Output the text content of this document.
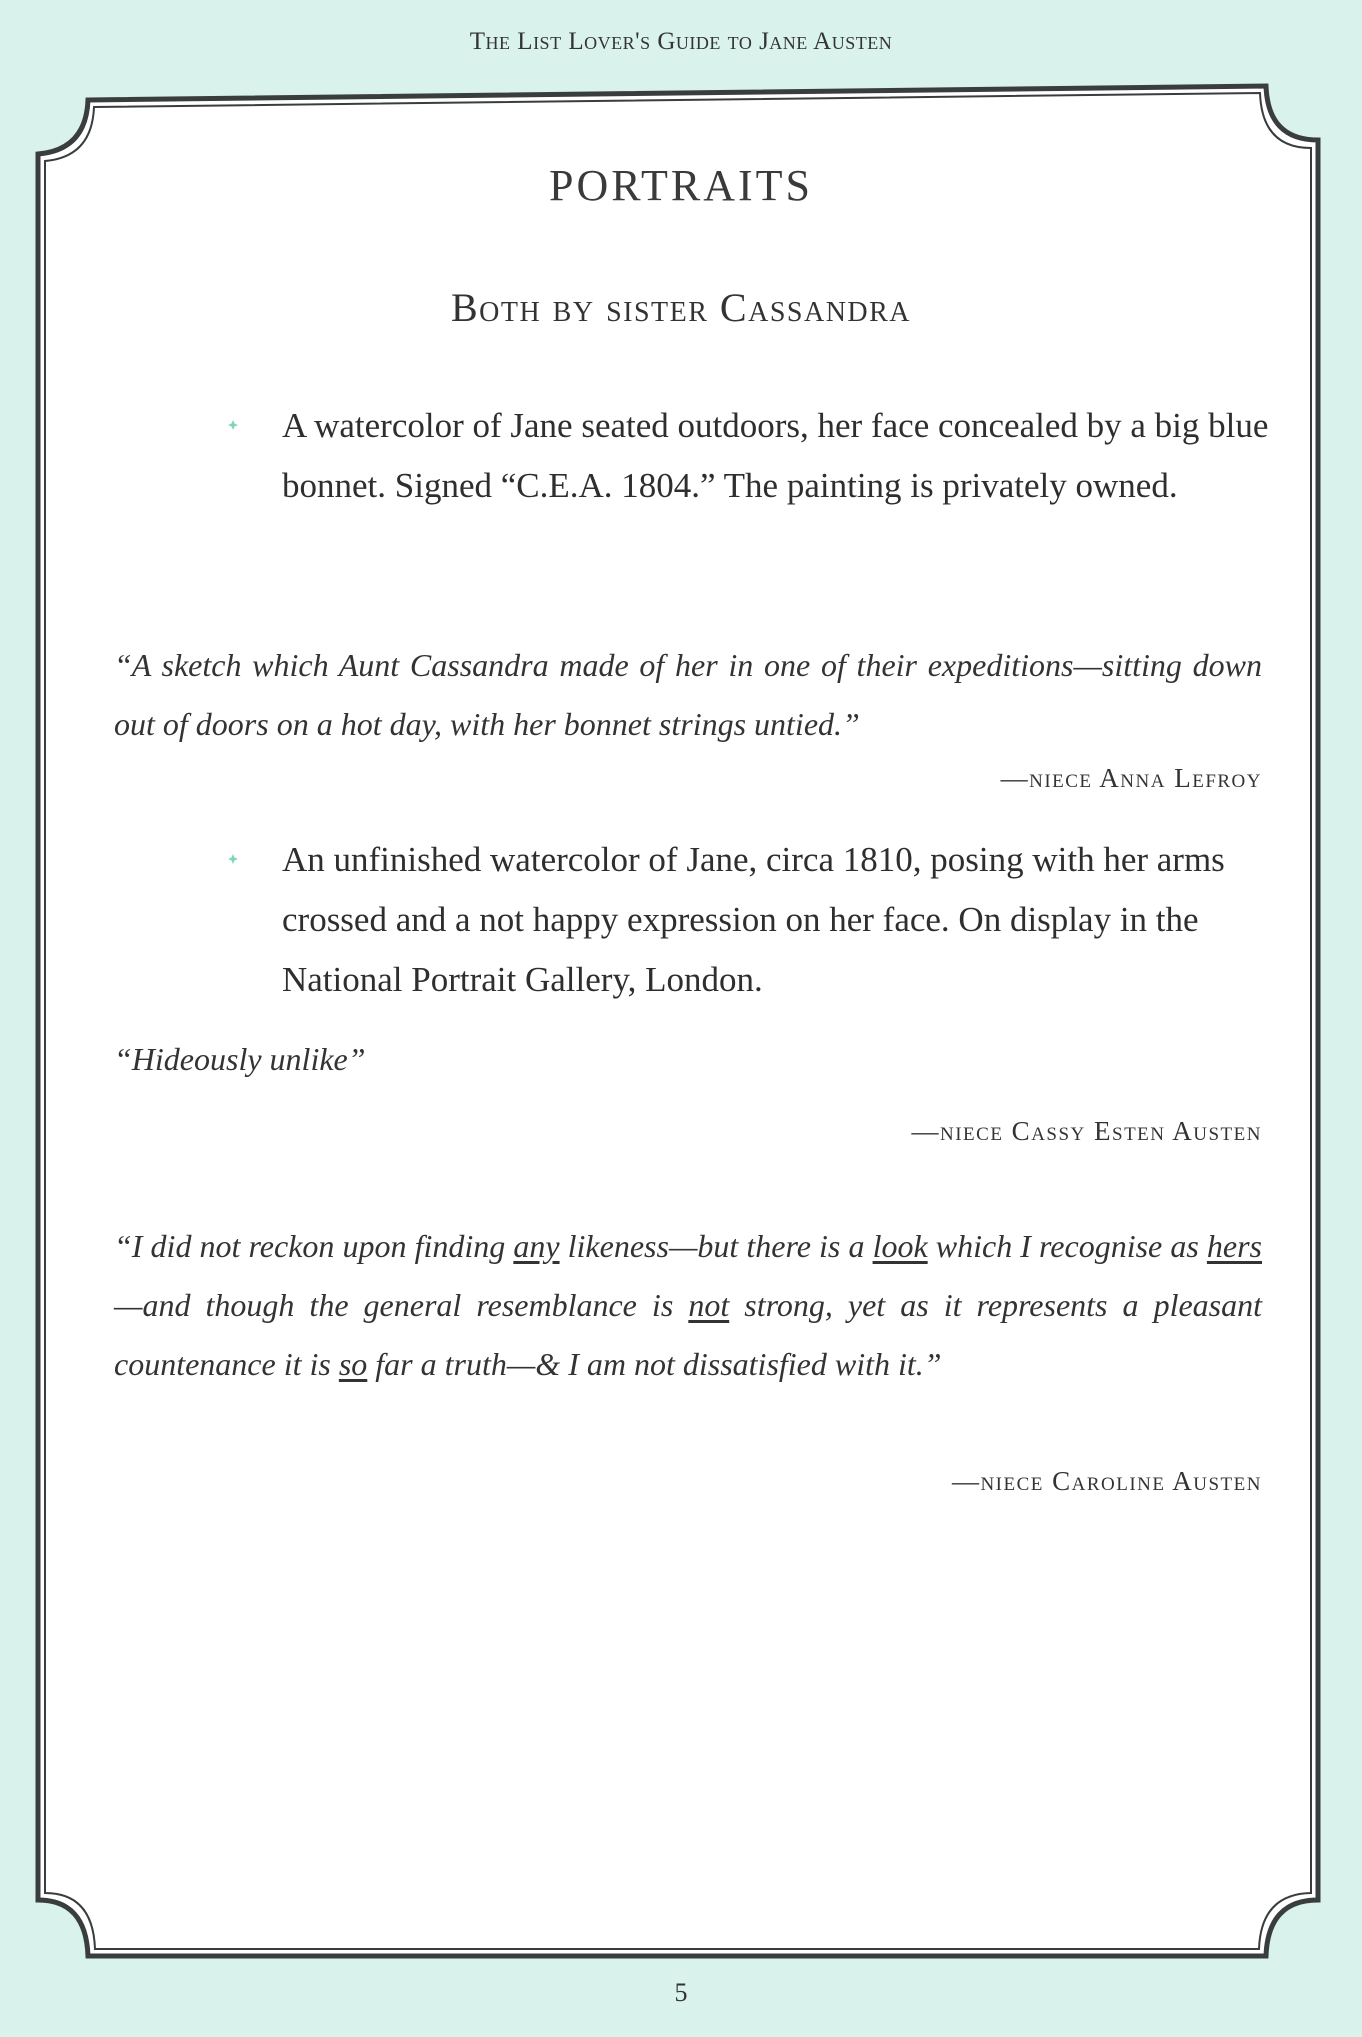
The List Lover's Guide to Jane Austen
PORTRAITS
Both by sister Cassandra
A watercolor of Jane seated outdoors, her face concealed by a big blue bonnet. Signed “C.E.A. 1804.” The painting is privately owned.
“A sketch which Aunt Cassandra made of her in one of their expeditions—sitting down out of doors on a hot day, with her bonnet strings untied.”
—niece Anna Lefroy
An unfinished watercolor of Jane, circa 1810, posing with her arms crossed and a not happy expression on her face. On display in the National Portrait Gallery, London.
“Hideously unlike”
—niece Cassy Esten Austen
“I did not reckon upon finding any likeness—but there is a look which I recognise as hers—and though the general resemblance is not strong, yet as it represents a pleasant countenance it is so far a truth—& I am not dissatisfied with it.”
—niece Caroline Austen
5
